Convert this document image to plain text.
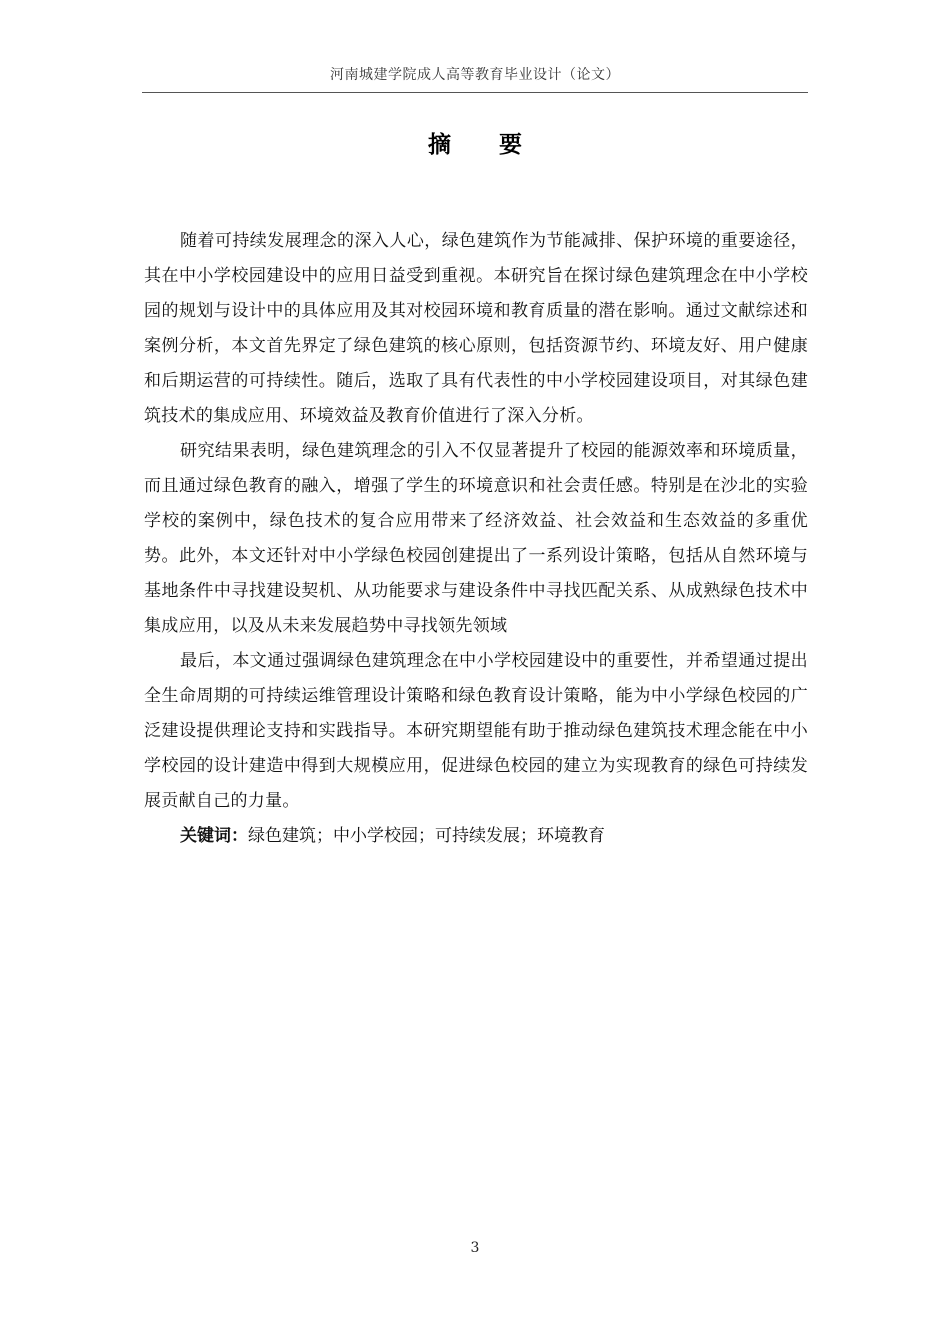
河南城建学院成人高等教育毕业设计（论文）
摘 要

随着可持续发展理念的深入人心，绿色建筑作为节能减排、保护环境的重要途径，其在中小学校园建设中的应用日益受到重视。本研究旨在探讨绿色建筑理念在中小学校园的规划与设计中的具体应用及其对校园环境和教育质量的潜在影响。通过文献综述和案例分析，本文首先界定了绿色建筑的核心原则，包括资源节约、环境友好、用户健康和后期运营的可持续性。随后，选取了具有代表性的中小学校园建设项目，对其绿色建筑技术的集成应用、环境效益及教育价值进行了深入分析。

研究结果表明，绿色建筑理念的引入不仅显著提升了校园的能源效率和环境质量，而且通过绿色教育的融入，增强了学生的环境意识和社会责任感。特别是在沙北的实验学校的案例中，绿色技术的复合应用带来了经济效益、社会效益和生态效益的多重优势。此外，本文还针对中小学绿色校园创建提出了一系列设计策略，包括从自然环境与基地条件中寻找建设契机、从功能要求与建设条件中寻找匹配关系、从成熟绿色技术中集成应用，以及从未来发展趋势中寻找领先领域

最后，本文通过强调绿色建筑理念在中小学校园建设中的重要性，并希望通过提出全生命周期的可持续运维管理设计策略和绿色教育设计策略，能为中小学绿色校园的广泛建设提供理论支持和实践指导。本研究期望能有助于推动绿色建筑技术理念能在中小学校园的设计建造中得到大规模应用，促进绿色校园的建立为实现教育的绿色可持续发展贡献自己的力量。

关键词：绿色建筑；中小学校园；可持续发展；环境教育

3
